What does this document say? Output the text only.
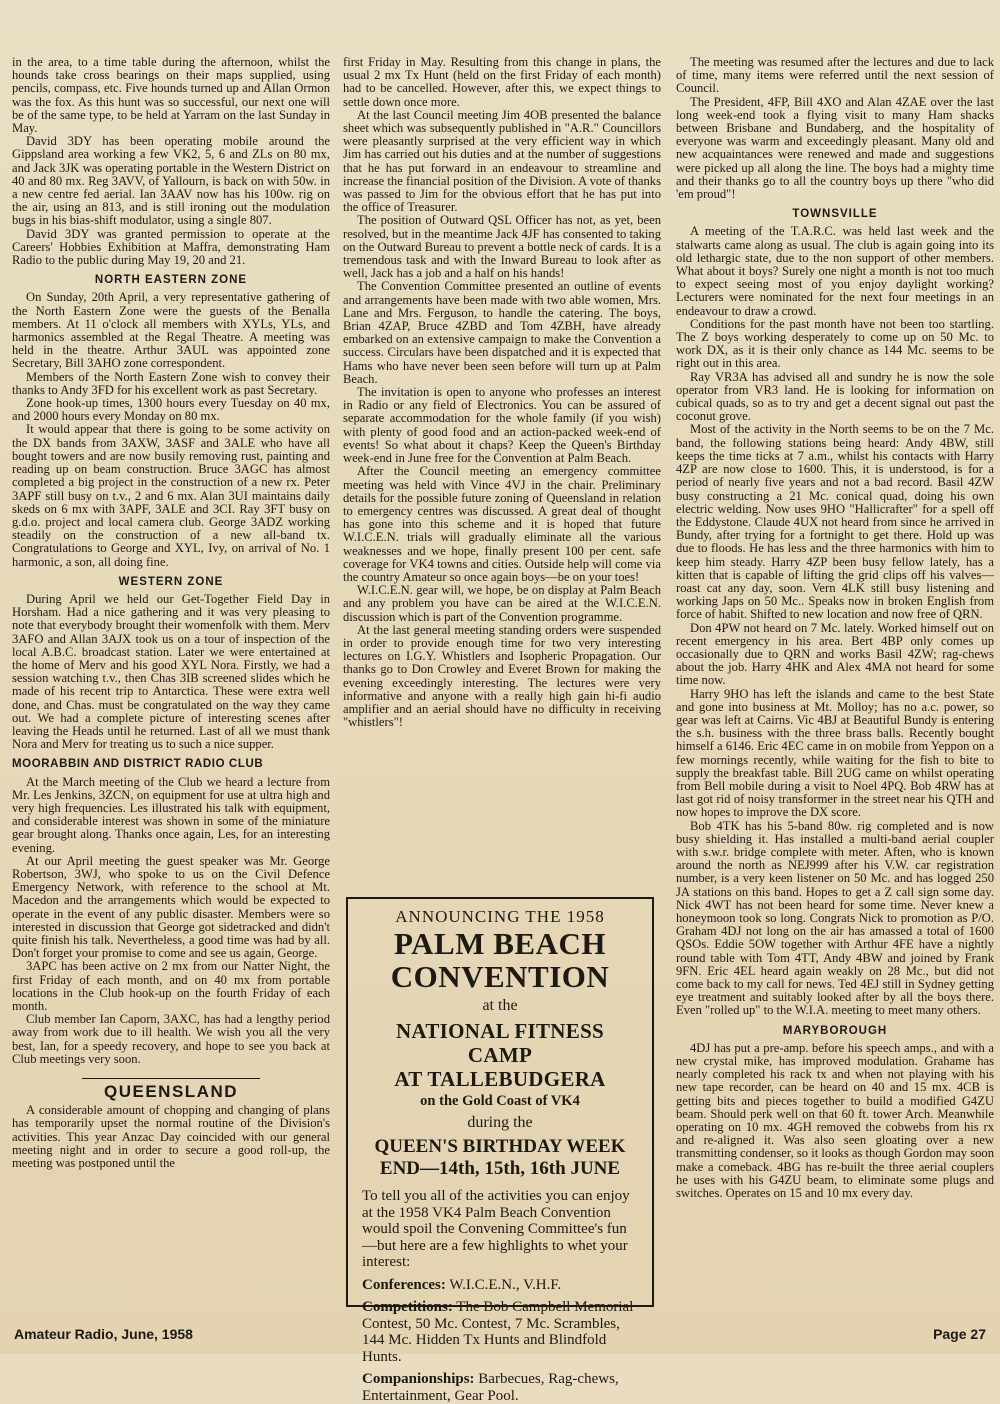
in the area, to a time table during the afternoon, whilst the hounds take cross bearings on their maps supplied, using pencils, compass, etc. Five hounds turned up and Allan Ormon was the fox. As this hunt was so successful, our next one will be of the same type, to be held at Yarram on the last Sunday in May.

David 3DY has been operating mobile around the Gippsland area working a few VK2, 5, 6 and ZLs on 80 mx, and Jack 3JK was operating portable in the Western District on 40 and 80 mx. Reg 3AVV, of Yallourn, is back on with 50w. in a new centre fed aerial. Ian 3AAV now has his 100w. rig on the air, using an 813, and is still ironing out the modulation bugs in his bias-shift modulator, using a single 807.

David 3DY was granted permission to operate at the Careers' Hobbies Exhibition at Maffra, demonstrating Ham Radio to the public during May 19, 20 and 21.

NORTH EASTERN ZONE

On Sunday, 20th April, a very representative gathering of the North Eastern Zone were the guests of the Benalla members. At 11 o'clock all members with XYLs, YLs, and harmonics assembled at the Regal Theatre. A meeting was held in the theatre. Arthur 3AUL was appointed zone Secretary, Bill 3AHO zone correspondent.

Members of the North Eastern Zone wish to convey their thanks to Andy 3FD for his excellent work as past Secretary.

Zone hook-up times, 1300 hours every Tuesday on 40 mx, and 2000 hours every Monday on 80 mx.

It would appear that there is going to be some activity on the DX bands from 3AXW, 3ASF and 3ALE who have all bought towers and are now busily removing rust, painting and reading up on beam construction. Bruce 3AGC has almost completed a big project in the construction of a new rx. Peter 3APF still busy on t.v., 2 and 6 mx. Alan 3UI maintains daily skeds on 6 mx with 3APF, 3ALE and 3CI. Ray 3FT busy on g.d.o. project and local camera club. George 3ADZ working steadily on the construction of a new all-band tx. Congratulations to George and XYL, Ivy, on arrival of No. 1 harmonic, a son, all doing fine.

WESTERN ZONE

During April we held our Get-Together Field Day in Horsham. Had a nice gathering and it was very pleasing to note that everybody brought their womenfolk with them. Merv 3AFO and Allan 3AJX took us on a tour of inspection of the local A.B.C. broadcast station. Later we were entertained at the home of Merv and his good XYL Nora. Firstly, we had a session watching t.v., then Chas 3IB screened slides which he made of his recent trip to Antarctica. These were extra well done, and Chas. must be congratulated on the way they came out. We had a complete picture of interesting scenes after leaving the Heads until he returned. Last of all we must thank Nora and Merv for treating us to such a nice supper.

MOORABBIN AND DISTRICT RADIO CLUB

At the March meeting of the Club we heard a lecture from Mr. Les Jenkins, 3ZCN, on equipment for use at ultra high and very high frequencies. Les illustrated his talk with equipment, and considerable interest was shown in some of the miniature gear brought along. Thanks once again, Les, for an interesting evening.

At our April meeting the guest speaker was Mr. George Robertson, 3WJ, who spoke to us on the Civil Defence Emergency Network, with reference to the school at Mt. Macedon and the arrangements which would be expected to operate in the event of any public disaster. Members were so interested in discussion that George got sidetracked and didn't quite finish his talk. Nevertheless, a good time was had by all. Don't forget your promise to come and see us again, George.

3APC has been active on 2 mx from our Natter Night, the first Friday of each month, and on 40 mx from portable locations in the Club hook-up on the fourth Friday of each month.

Club member Ian Caporn, 3AXC, has had a lengthy period away from work due to ill health. We wish you all the very best, Ian, for a speedy recovery, and hope to see you back at Club meetings very soon.

QUEENSLAND

A considerable amount of chopping and changing of plans has temporarily upset the normal routine of the Division's activities. This year Anzac Day coincided with our general meeting night and in order to secure a good roll-up, the meeting was postponed until the

first Friday in May. Resulting from this change in plans, the usual 2 mx Tx Hunt (held on the first Friday of each month) had to be cancelled. However, after this, we expect things to settle down once more.

At the last Council meeting Jim 4OB presented the balance sheet which was subsequently published in "A.R." Councillors were pleasantly surprised at the very efficient way in which Jim has carried out his duties and at the number of suggestions that he has put forward in an endeavour to streamline and increase the financial position of the Division. A vote of thanks was passed to Jim for the obvious effort that he has put into the office of Treasurer.

The position of Outward QSL Officer has not, as yet, been resolved, but in the meantime Jack 4JF has consented to taking on the Outward Bureau to prevent a bottle neck of cards. It is a tremendous task and with the Inward Bureau to look after as well, Jack has a job and a half on his hands!

The Convention Committee presented an outline of events and arrangements have been made with two able women, Mrs. Lane and Mrs. Ferguson, to handle the catering. The boys, Brian 4ZAP, Bruce 4ZBD and Tom 4ZBH, have already embarked on an extensive campaign to make the Convention a success. Circulars have been dispatched and it is expected that Hams who have never been seen before will turn up at Palm Beach.

The invitation is open to anyone who professes an interest in Radio or any field of Electronics. You can be assured of separate accommodation for the whole family (if you wish) with plenty of good food and an action-packed week-end of events! So what about it chaps? Keep the Queen's Birthday week-end in June free for the Convention at Palm Beach.

After the Council meeting an emergency committee meeting was held with Vince 4VJ in the chair. Preliminary details for the possible future zoning of Queensland in relation to emergency centres was discussed. A great deal of thought has gone into this scheme and it is hoped that future W.I.C.E.N. trials will gradually eliminate all the various weaknesses and we hope, finally present 100 per cent. safe coverage for VK4 towns and cities. Outside help will come via the country Amateur so once again boys—be on your toes!

W.I.C.E.N. gear will, we hope, be on display at Palm Beach and any problem you have can be aired at the W.I.C.E.N. discussion which is part of the Convention programme.

At the last general meeting standing orders were suspended in order to provide enough time for two very interesting lectures on I.G.Y. Whistlers and Isopheric Propagation. Our thanks go to Don Crowley and Everet Brown for making the evening exceedingly interesting. The lectures were very informative and anyone with a really high gain hi-fi audio amplifier and an aerial should have no difficulty in receiving "whistlers"!

ANNOUNCING THE 1958
PALM BEACH
CONVENTION
at the
NATIONAL FITNESS CAMP
AT TALLEBUDGERA
on the Gold Coast of VK4
during the
QUEEN'S BIRTHDAY WEEK
END—14th, 15th, 16th JUNE

To tell you all of the activities you can enjoy at the 1958 VK4 Palm Beach Convention would spoil the Convening Committee's fun—but here are a few highlights to whet your interest:

Conferences: W.I.C.E.N., V.H.F.

Competitions: The Bob Campbell Memorial Contest, 50 Mc. Contest, 7 Mc. Scrambles, 144 Mc. Hidden Tx Hunts and Blindfold Hunts.

Companionships: Barbecues, Rag-chews, Entertainment, Gear Pool.

The meeting was resumed after the lectures and due to lack of time, many items were referred until the next session of Council.

The President, 4FP, Bill 4XO and Alan 4ZAE over the last long week-end took a flying visit to many Ham shacks between Brisbane and Bundaberg, and the hospitality of everyone was warm and exceedingly pleasant. Many old and new acquaintances were renewed and made and suggestions were picked up all along the line. The boys had a mighty time and their thanks go to all the country boys up there "who did 'em proud"!

TOWNSVILLE

A meeting of the T.A.R.C. was held last week and the stalwarts came along as usual. The club is again going into its old lethargic state, due to the non support of other members. What about it boys? Surely one night a month is not too much to expect seeing most of you enjoy daylight working? Lecturers were nominated for the next four meetings in an endeavour to draw a crowd.

Conditions for the past month have not been too startling. The Z boys working desperately to come up on 50 Mc. to work DX, as it is their only chance as 144 Mc. seems to be right out in this area.

Ray VR3A has advised all and sundry he is now the sole operator from VR3 land. He is looking for information on cubical quads, so as to try and get a decent signal out past the coconut grove.

Most of the activity in the North seems to be on the 7 Mc. band, the following stations being heard: Andy 4BW, still keeps the time ticks at 7 a.m., whilst his contacts with Harry 4ZP are now close to 1600. This, it is understood, is for a period of nearly five years and not a bad record. Basil 4ZW busy constructing a 21 Mc. conical quad, doing his own electric welding. Now uses 9HO "Hallicrafter" for a spell off the Eddystone. Claude 4UX not heard from since he arrived in Bundy, after trying for a fortnight to get there. Hold up was due to floods. He has less and the three harmonics with him to keep him steady. Harry 4ZP been busy fellow lately, has a kitten that is capable of lifting the grid clips off his valves—roast cat any day, soon. Vern 4LK still busy listening and working Japs on 50 Mc.. Speaks now in broken English from force of habit. Shifted to new location and now free of QRN.

Don 4PW not heard on 7 Mc. lately. Worked himself out on recent emergency in his area. Bert 4BP only comes up occasionally due to QRN and works Basil 4ZW; rag-chews about the job. Harry 4HK and Alex 4MA not heard for some time now.

Harry 9HO has left the islands and came to the best State and gone into business at Mt. Molloy; has no a.c. power, so gear was left at Cairns. Vic 4BJ at Beautiful Bundy is entering the s.h. business with the three brass balls. Recently bought himself a 6146. Eric 4EC came in on mobile from Yeppon on a few mornings recently, while waiting for the fish to bite to supply the breakfast table. Bill 2UG came on whilst operating from Bell mobile during a visit to Noel 4PQ. Bob 4RW has at last got rid of noisy transformer in the street near his QTH and now hopes to improve the DX score.

Bob 4TK has his 5-band 80w. rig completed and is now busy shielding it. Has installed a multi-band aerial coupler with s.w.r. bridge complete with meter. Aften, who is known around the north as NEJ999 after his V.W. car registration number, is a very keen listener on 50 Mc. and has logged 250 JA stations on this band. Hopes to get a Z call sign some day. Nick 4WT has not been heard for some time. Never knew a honeymoon took so long. Congrats Nick to promotion as P/O. Graham 4DJ not long on the air has amassed a total of 1600 QSOs. Eddie 5OW together with Arthur 4FE have a nightly round table with Tom 4TT, Andy 4BW and joined by Frank 9FN. Eric 4EL heard again weakly on 28 Mc., but did not come back to my call for news. Ted 4EJ still in Sydney getting eye treatment and suitably looked after by all the boys there. Even "rolled up" to the W.I.A. meeting to meet many others.

MARYBOROUGH

4DJ has put a pre-amp. before his speech amps., and with a new crystal mike, has improved modulation. Grahame has nearly completed his rack tx and when not playing with his new tape recorder, can be heard on 40 and 15 mx. 4CB is getting bits and pieces together to build a modified G4ZU beam. Should perk well on that 60 ft. tower Arch. Meanwhile operating on 10 mx. 4GH removed the cobwebs from his rx and re-aligned it. Was also seen gloating over a new transmitting condenser, so it looks as though Gordon may soon make a comeback. 4BG has re-built the three aerial couplers he uses with his G4ZU beam, to eliminate some plugs and switches. Operates on 15 and 10 mx every day.

Amateur Radio, June, 1958	Page 27
